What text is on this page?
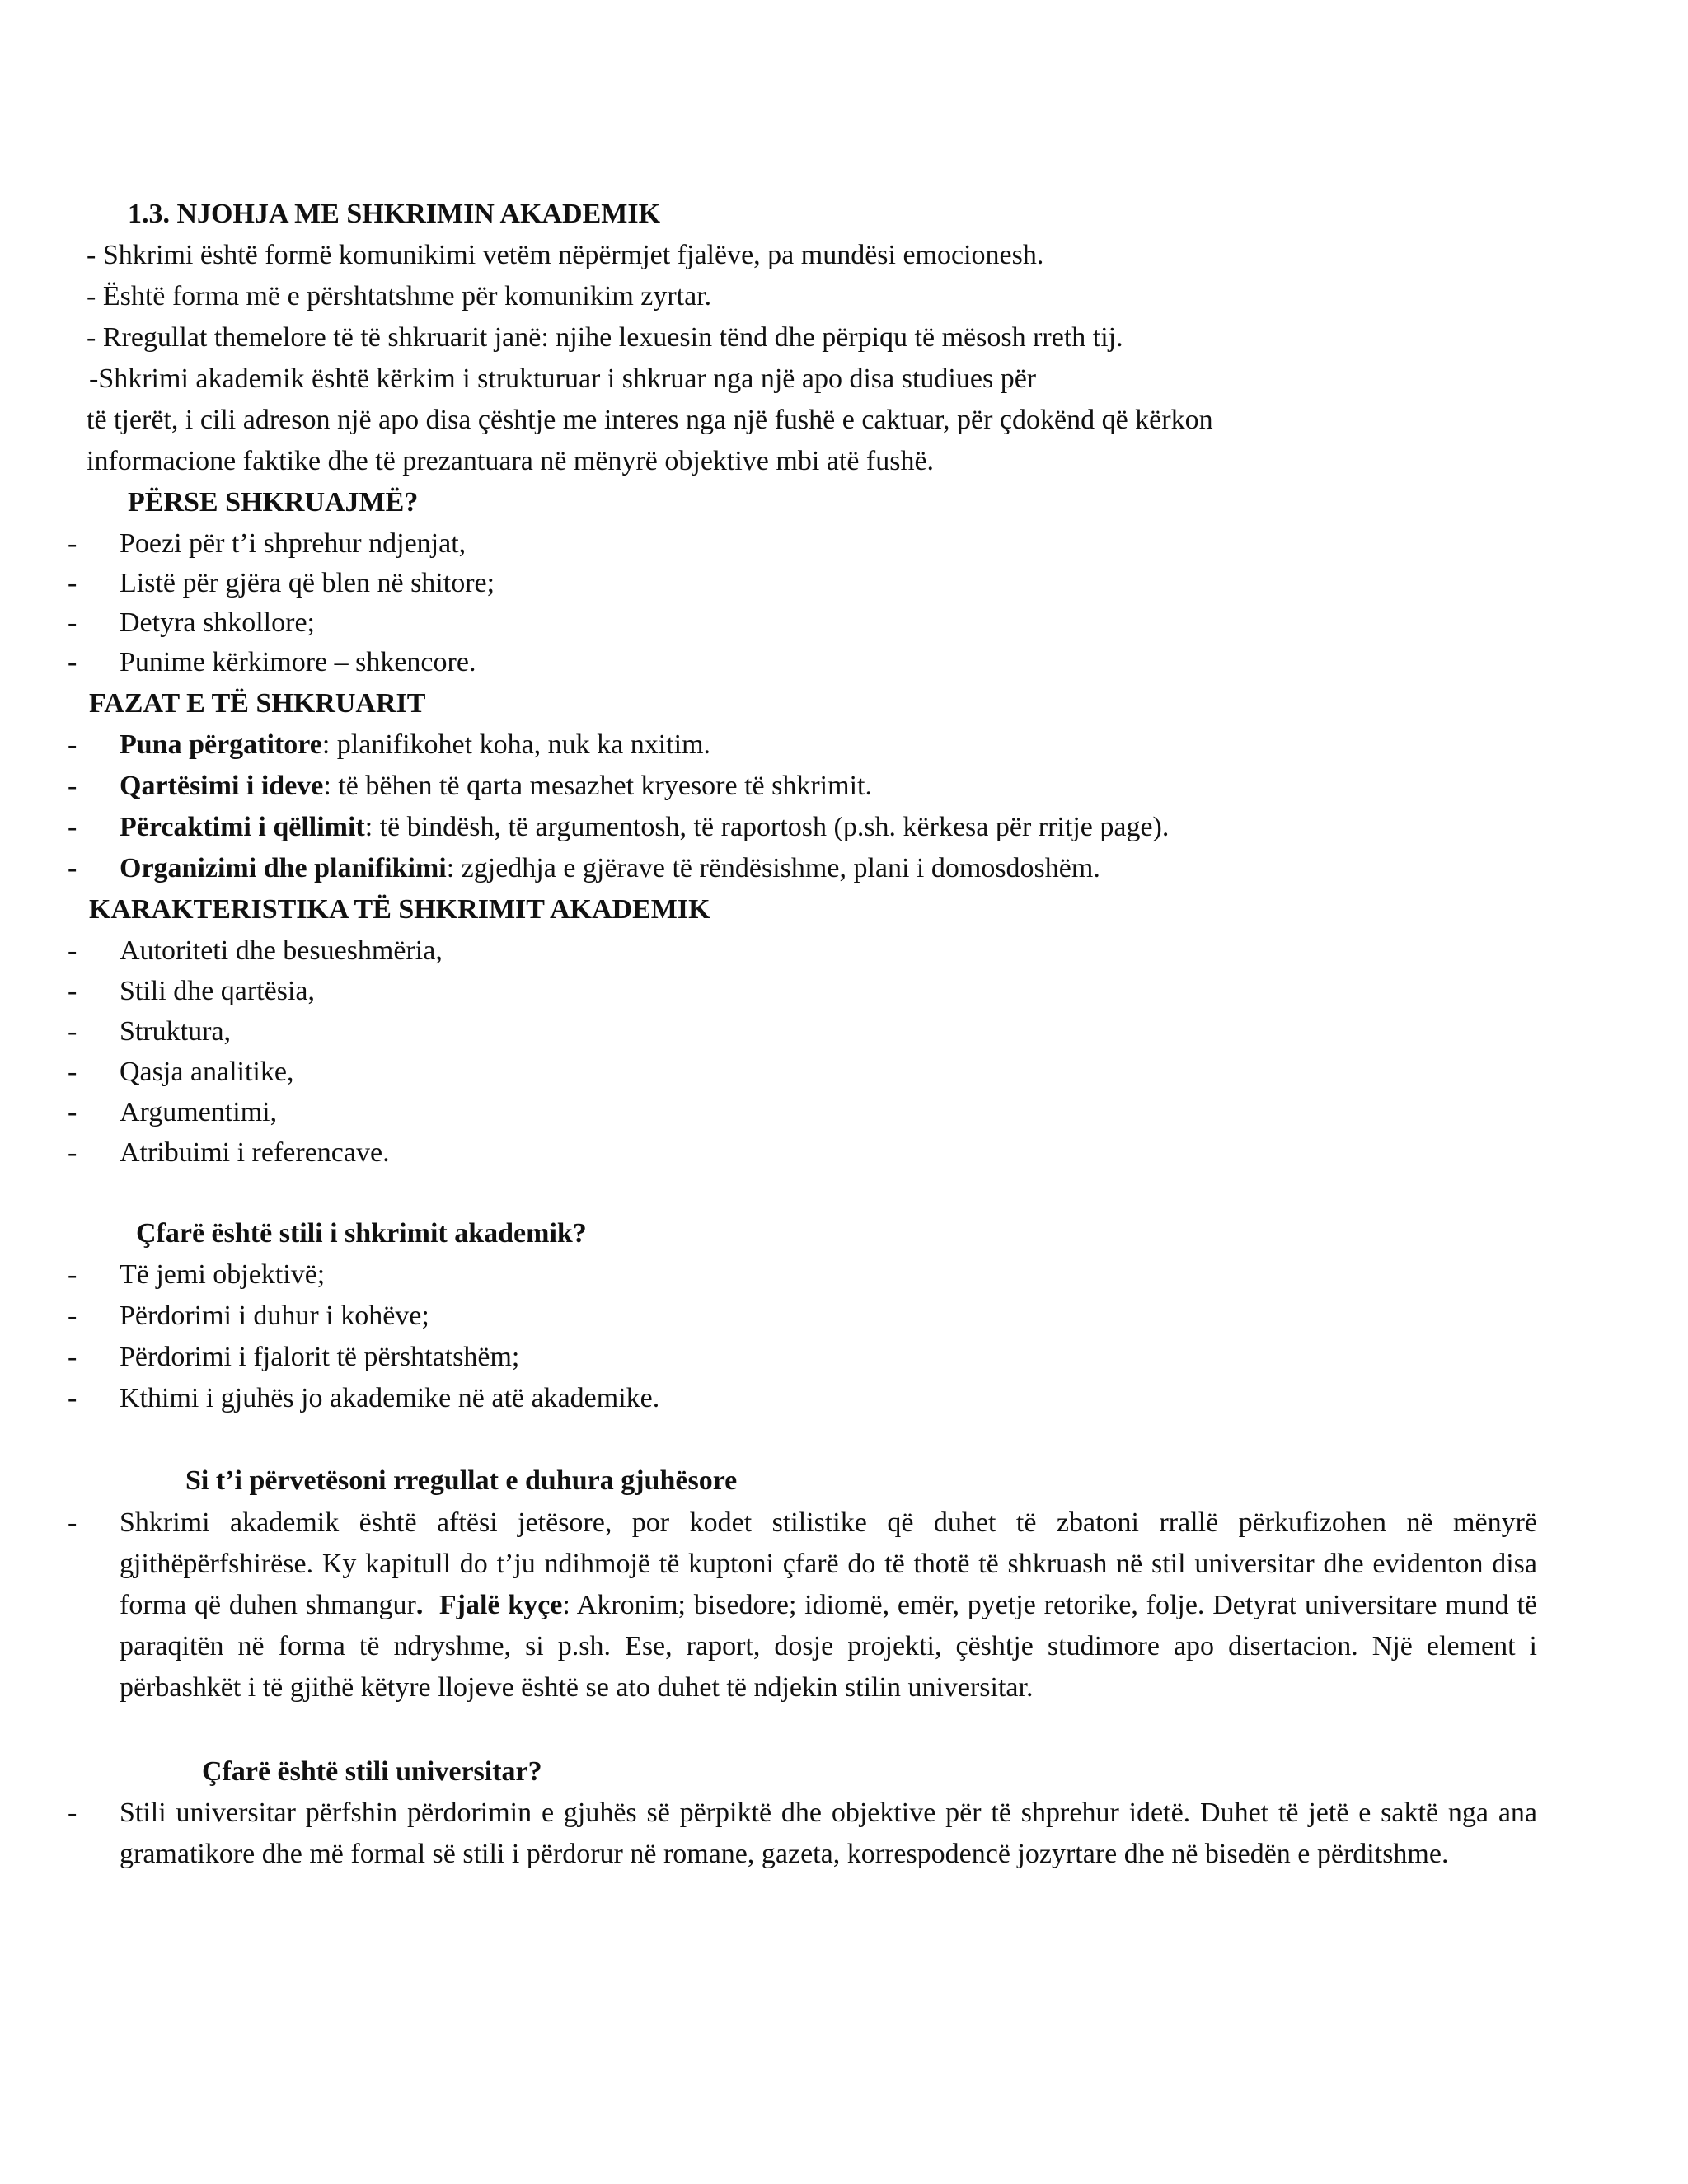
1.3. NJOHJA ME SHKRIMIN AKADEMIK
- Shkrimi është formë komunikimi vetëm nëpërmjet fjalëve, pa mundësi emocionesh.
- Është forma më e përshtatshme për komunikim zyrtar.
- Rregullat themelore të të shkruarit janë: njihe lexuesin tënd dhe përpiqu të mësosh rreth tij.
-Shkrimi akademik është kërkim i strukturuar i shkruar nga një apo disa studiues për
të tjerët, i cili adreson një apo disa çështje me interes nga një fushë e caktuar, për çdokënd që kërkon
informacione faktike dhe të prezantuara në mënyrë objektive mbi atë fushë.
PËRSE SHKRUAJMË?
- Poezi për t’i shprehur ndjenjat,
- Listë për gjëra që blen në shitore;
- Detyra shkollore;
- Punime kërkimore – shkencore.
FAZAT E TË SHKRUARIT
- Puna përgatitore: planifikohet koha, nuk ka nxitim.
- Qartësimi i ideve: të bëhen të qarta mesazhet kryesore të shkrimit.
- Përcaktimi i qëllimit: të bindësh, të argumentosh, të raportosh (p.sh. kërkesa për rritje page).
- Organizimi dhe planifikimi: zgjedhja e gjërave të rëndësishme, plani i domosdoshëm.
KARAKTERISTIKA TË SHKRIMIT AKADEMIK
- Autoriteti dhe besueshmëria,
- Stili dhe qartësia,
- Struktura,
- Qasja analitike,
- Argumentimi,
- Atribuimi i referencave.
Çfarë është stili i shkrimit akademik?
- Të jemi objektivë;
- Përdorimi i duhur i kohëve;
- Përdorimi i fjalorit të përshtatshëm;
- Kthimi i gjuhës jo akademike në atë akademike.
Si t’i përvetësoni rregullat e duhura gjuhësore
- Shkrimi akademik është aftësi jetësore, por kodet stilistike që duhet të zbatoni rrallë përkufizohen në mënyrë gjithëpërfshirëse. Ky kapitull do t’ju ndihmojë të kuptoni çfarë do të thotë të shkruash në stil universitar dhe evidenton disa forma që duhen shmangur. Fjalë kyçe: Akronim; bisedore; idiomë, emër, pyetje retorike, folje. Detyrat universitare mund të paraqitën në forma të ndryshme, si p.sh. Ese, raport, dosje projekti, çështje studimore apo disertacion. Një element i përbashkët i të gjithë këtyre llojeve është se ato duhet të ndjekin stilin universitar.
Çfarë është stili universitar?
- Stili universitar përfshin përdorimin e gjuhës së përpiktë dhe objektive për të shprehur idetë. Duhet të jetë e saktë nga ana gramatikore dhe më formal së stili i përdorur në romane, gazeta, korrespodencë jozyrtare dhe në bisedën e përditshme.
